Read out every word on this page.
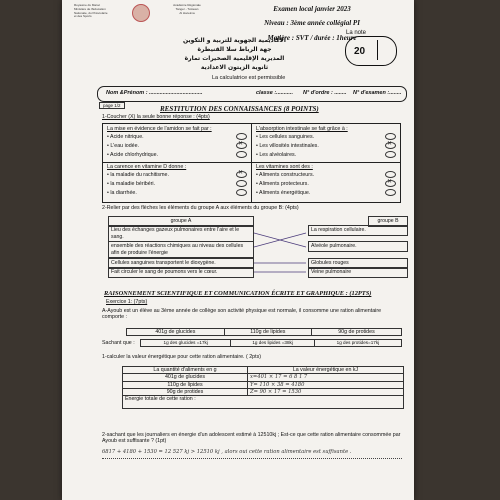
Royaume du Maroc
Ministère de l'Education
Nationale, du Préscolaire
et des Sports
Académie Régionale
Tanger - Tétouan
Al Hoceima
الأكاديمية الجهوية للتربية و التكوين
جهة الرباط سلا القنيطرة
المديرية الإقليمية الصخيرات تمارة
ثانوية الزيتون الاعدادية
Examen local janvier 2023
Niveau : 3ème année collégial PI
Matière : SVT / durée : 1heure
La note
20
La calculatrice est permissible
Nom &Prénom : ...................................	classe :........... N° d'ordre : ........ N° d'examen :........
page 1/2	RESTITUTION DES CONNAISSANCES (8 POINTS)
1-Coucher (X) la seule bonne réponse : (4pts)
La mise en évidence de l'amidon se fait par :
• Acide nitrique.
• L'eau iodée.
✕
• Acide chlorhydrique.
L'absorption intestinale se fait grâce à :
• Les cellules sanguines.
• Les villosités intestinales.
✕
• Les alvéolaires.
La carence en vitamine D donne :
• la maladie du rachitisme.
✕
• la maladie béribéri.
• la diarrhée.
Les vitamines sont des :
• Aliments constructeurs.
• Aliments protecteurs.
✕
• Aliments énergétique.
2-Relier par des flèches les éléments du groupe A aux éléments du groupe B: (4pts)
groupe A	groupe B
Lieu des échanges gazeux pulmonaires entre l'aire et le sang.
ensemble des réactions chimiques au niveau des cellules afin de produire l'énergie
Cellules sanguines transportent le dioxygène.
Fait circuler le sang de poumons vers le cœur.
La respiration cellulaire.
Alvéole pulmonaire.
Globules rouges
Veine pulmonaire
RAISONNEMENT SCIENTIFIQUE ET COMMUNICATION ÉCRITE ET GRAPHIQUE : (12PTS)
Exercice 1: (7pts)
A-Ayoub est un élève au 3ème année de collège son activité physique est normale, il consomme une ration alimentaire comporte :
401g de glucides	110g de lipides	90g de protides
Sachant que :	1g des glucides =17kj	1g des lipides =38kj	1g des protides=17kj
1-calculer la valeur énergétique pour cette ration alimentaire. ( 2pts)
La quantité d'aliments en g	La valeur énergétique en kJ
401g de glucides	x=401 × 17 = 6 8 1 7
110g de lipides	Y= 110 × 38 = 4180
90g de protides	Z= 90 × 17 = 1530
Energie totale de cette ration :	
2-sachant que les journaliers en énergie d'un adolescent estimé à 12510kj ; Est-ce que cette ration alimentaire consommée par Ayoub est suffisante ? (1pt)
6817 + 4180 + 1530 = 12 527 kj > 12510 kj , alors oui cette ration alimentaire est suffisante .
